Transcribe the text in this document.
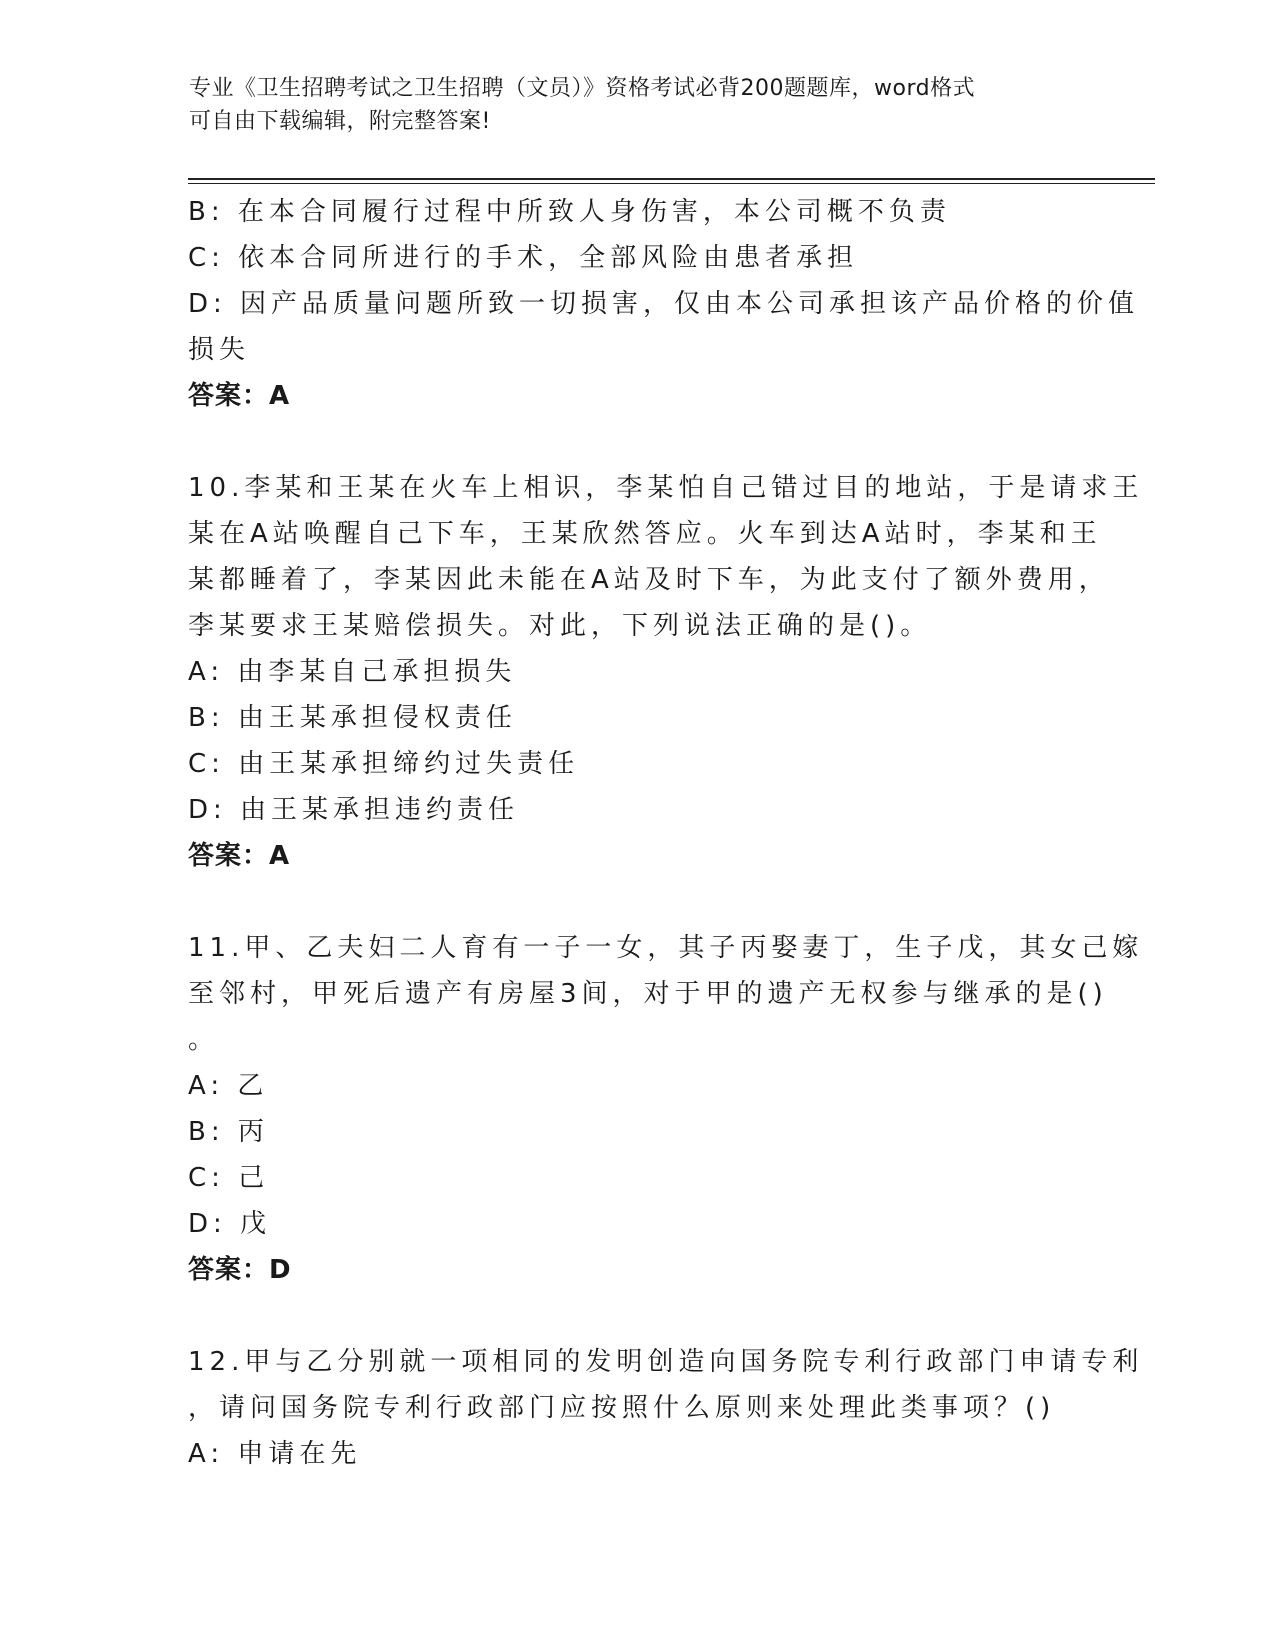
专业《卫生招聘考试之卫生招聘（文员）》资格考试必背200题题库，word格式
可自由下载编辑，附完整答案!
B: 在本合同履行过程中所致人身伤害，本公司概不负责
C: 依本合同所进行的手术，全部风险由患者承担
D: 因产品质量问题所致一切损害，仅由本公司承担该产品价格的价值
损失
答案：A
10.李某和王某在火车上相识，李某怕自己错过目的地站，于是请求王
某在A站唤醒自己下车，王某欣然答应。火车到达A站时，李某和王
某都睡着了，李某因此未能在A站及时下车，为此支付了额外费用，
李某要求王某赔偿损失。对此，下列说法正确的是()。
A: 由李某自己承担损失
B: 由王某承担侵权责任
C: 由王某承担缔约过失责任
D: 由王某承担违约责任
答案：A
11.甲、乙夫妇二人育有一子一女，其子丙娶妻丁，生子戊，其女己嫁
至邻村，甲死后遗产有房屋3间，对于甲的遗产无权参与继承的是()
。
A: 乙
B: 丙
C: 己
D: 戊
答案：D
12.甲与乙分别就一项相同的发明创造向国务院专利行政部门申请专利
，请问国务院专利行政部门应按照什么原则来处理此类事项？()
A: 申请在先
